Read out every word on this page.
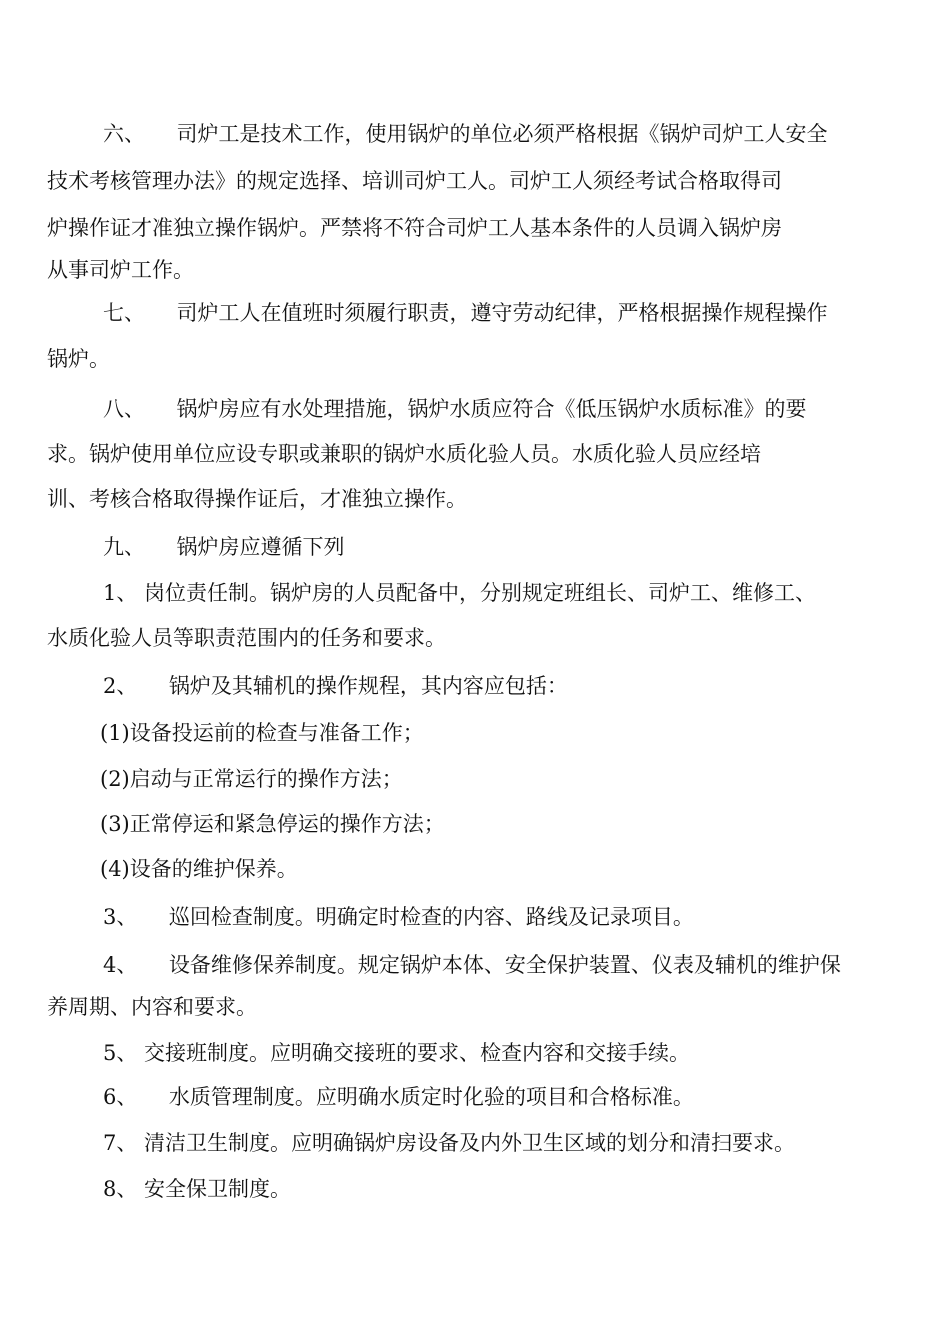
六、　　司炉工是技术工作，使用锅炉的单位必须严格根据《锅炉司炉工人安全
技术考核管理办法》的规定选择、培训司炉工人。司炉工人须经考试合格取得司
炉操作证才准独立操作锅炉。严禁将不符合司炉工人基本条件的人员调入锅炉房
从事司炉工作。
七、　　司炉工人在值班时须履行职责，遵守劳动纪律，严格根据操作规程操作
锅炉。
八、　　锅炉房应有水处理措施，锅炉水质应符合《低压锅炉水质标准》的要
求。锅炉使用单位应设专职或兼职的锅炉水质化验人员。水质化验人员应经培
训、考核合格取得操作证后，才准独立操作。
九、　　锅炉房应遵循下列
1、 岗位责任制。锅炉房的人员配备中，分别规定班组长、司炉工、维修工、
水质化验人员等职责范围内的任务和要求。
2、　　锅炉及其辅机的操作规程，其内容应包括：
(1)设备投运前的检查与准备工作；
(2)启动与正常运行的操作方法；
(3)正常停运和紧急停运的操作方法；
(4)设备的维护保养。
3、　　巡回检查制度。明确定时检查的内容、路线及记录项目。
4、　　设备维修保养制度。规定锅炉本体、安全保护装置、仪表及辅机的维护保
养周期、内容和要求。
5、 交接班制度。应明确交接班的要求、检查内容和交接手续。
6、　　水质管理制度。应明确水质定时化验的项目和合格标准。
7、 清洁卫生制度。应明确锅炉房设备及内外卫生区域的划分和清扫要求。
8、 安全保卫制度。
